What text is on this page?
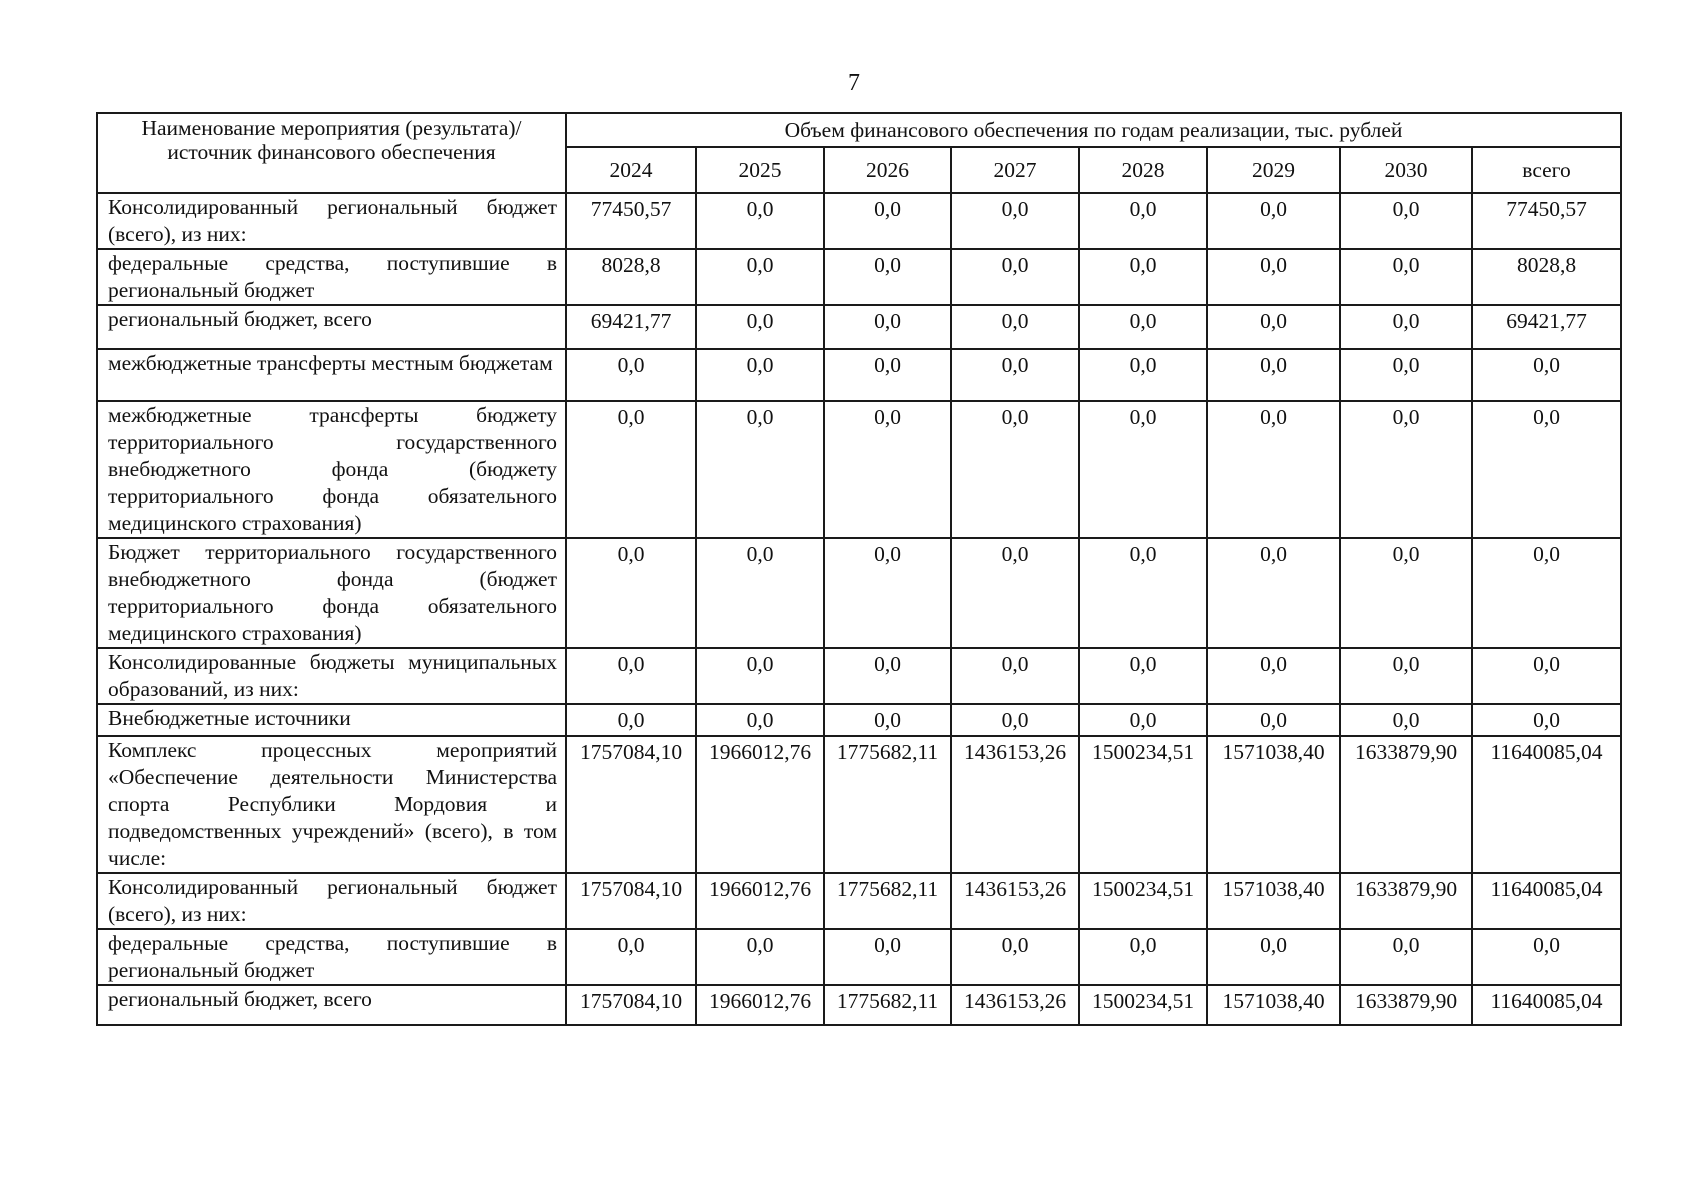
7
Наименование мероприятия (результата)/источник финансового обеспечения	Объем финансового обеспечения по годам реализации, тыс. рублей							
	2024	2025	2026	2027	2028	2029	2030	всего
Консолидированный региональный бюджет (всего), из них:	77450,57	0,0	0,0	0,0	0,0	0,0	0,0	77450,57
федеральные средства, поступившие в региональный бюджет	8028,8	0,0	0,0	0,0	0,0	0,0	0,0	8028,8
региональный бюджет, всего	69421,77	0,0	0,0	0,0	0,0	0,0	0,0	69421,77
межбюджетные трансферты местным бюджетам	0,0	0,0	0,0	0,0	0,0	0,0	0,0	0,0
межбюджетные трансферты бюджету территориального государственного внебюджетного фонда (бюджету территориального фонда обязательного медицинского страхования)	0,0	0,0	0,0	0,0	0,0	0,0	0,0	0,0
Бюджет территориального государственного внебюджетного фонда (бюджет территориального фонда обязательного медицинского страхования)	0,0	0,0	0,0	0,0	0,0	0,0	0,0	0,0
Консолидированные бюджеты муниципальных образований, из них:	0,0	0,0	0,0	0,0	0,0	0,0	0,0	0,0
Внебюджетные источники	0,0	0,0	0,0	0,0	0,0	0,0	0,0	0,0
Комплекс процессных мероприятий «Обеспечение деятельности Министерства спорта Республики Мордовия и подведомственных учреждений» (всего), в том числе:	1757084,10	1966012,76	1775682,11	1436153,26	1500234,51	1571038,40	1633879,90	11640085,04
Консолидированный региональный бюджет (всего), из них:	1757084,10	1966012,76	1775682,11	1436153,26	1500234,51	1571038,40	1633879,90	11640085,04
федеральные средства, поступившие в региональный бюджет	0,0	0,0	0,0	0,0	0,0	0,0	0,0	0,0
региональный бюджет, всего	1757084,10	1966012,76	1775682,11	1436153,26	1500234,51	1571038,40	1633879,90	11640085,04
